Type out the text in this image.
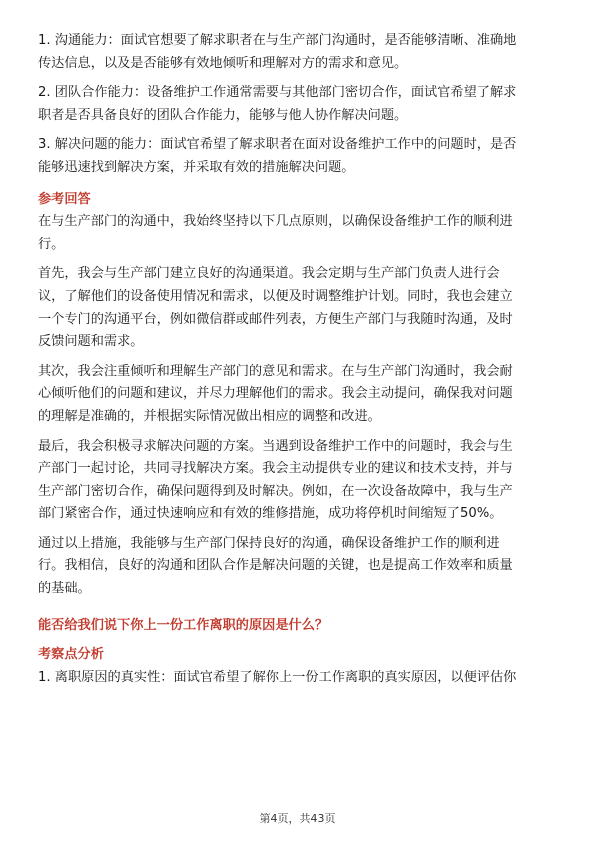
1. 沟通能力：面试官想要了解求职者在与生产部门沟通时，是否能够清晰、准确地
传达信息，以及是否能够有效地倾听和理解对方的需求和意见。

2. 团队合作能力：设备维护工作通常需要与其他部门密切合作，面试官希望了解求
职者是否具备良好的团队合作能力，能够与他人协作解决问题。

3. 解决问题的能力：面试官希望了解求职者在面对设备维护工作中的问题时，是否
能够迅速找到解决方案，并采取有效的措施解决问题。

参考回答

在与生产部门的沟通中，我始终坚持以下几点原则，以确保设备维护工作的顺利进
行。

首先，我会与生产部门建立良好的沟通渠道。我会定期与生产部门负责人进行会
议，了解他们的设备使用情况和需求，以便及时调整维护计划。同时，我也会建立
一个专门的沟通平台，例如微信群或邮件列表，方便生产部门与我随时沟通，及时
反馈问题和需求。

其次，我会注重倾听和理解生产部门的意见和需求。在与生产部门沟通时，我会耐
心倾听他们的问题和建议，并尽力理解他们的需求。我会主动提问，确保我对问题
的理解是准确的，并根据实际情况做出相应的调整和改进。

最后，我会积极寻求解决问题的方案。当遇到设备维护工作中的问题时，我会与生
产部门一起讨论，共同寻找解决方案。我会主动提供专业的建议和技术支持，并与
生产部门密切合作，确保问题得到及时解决。例如，在一次设备故障中，我与生产
部门紧密合作，通过快速响应和有效的维修措施，成功将停机时间缩短了50%。

通过以上措施，我能够与生产部门保持良好的沟通，确保设备维护工作的顺利进
行。我相信，良好的沟通和团队合作是解决问题的关键，也是提高工作效率和质量
的基础。

能否给我们说下你上一份工作离职的原因是什么？

考察点分析

1. 离职原因的真实性：面试官希望了解你上一份工作离职的真实原因，以便评估你

第4页，共43页
